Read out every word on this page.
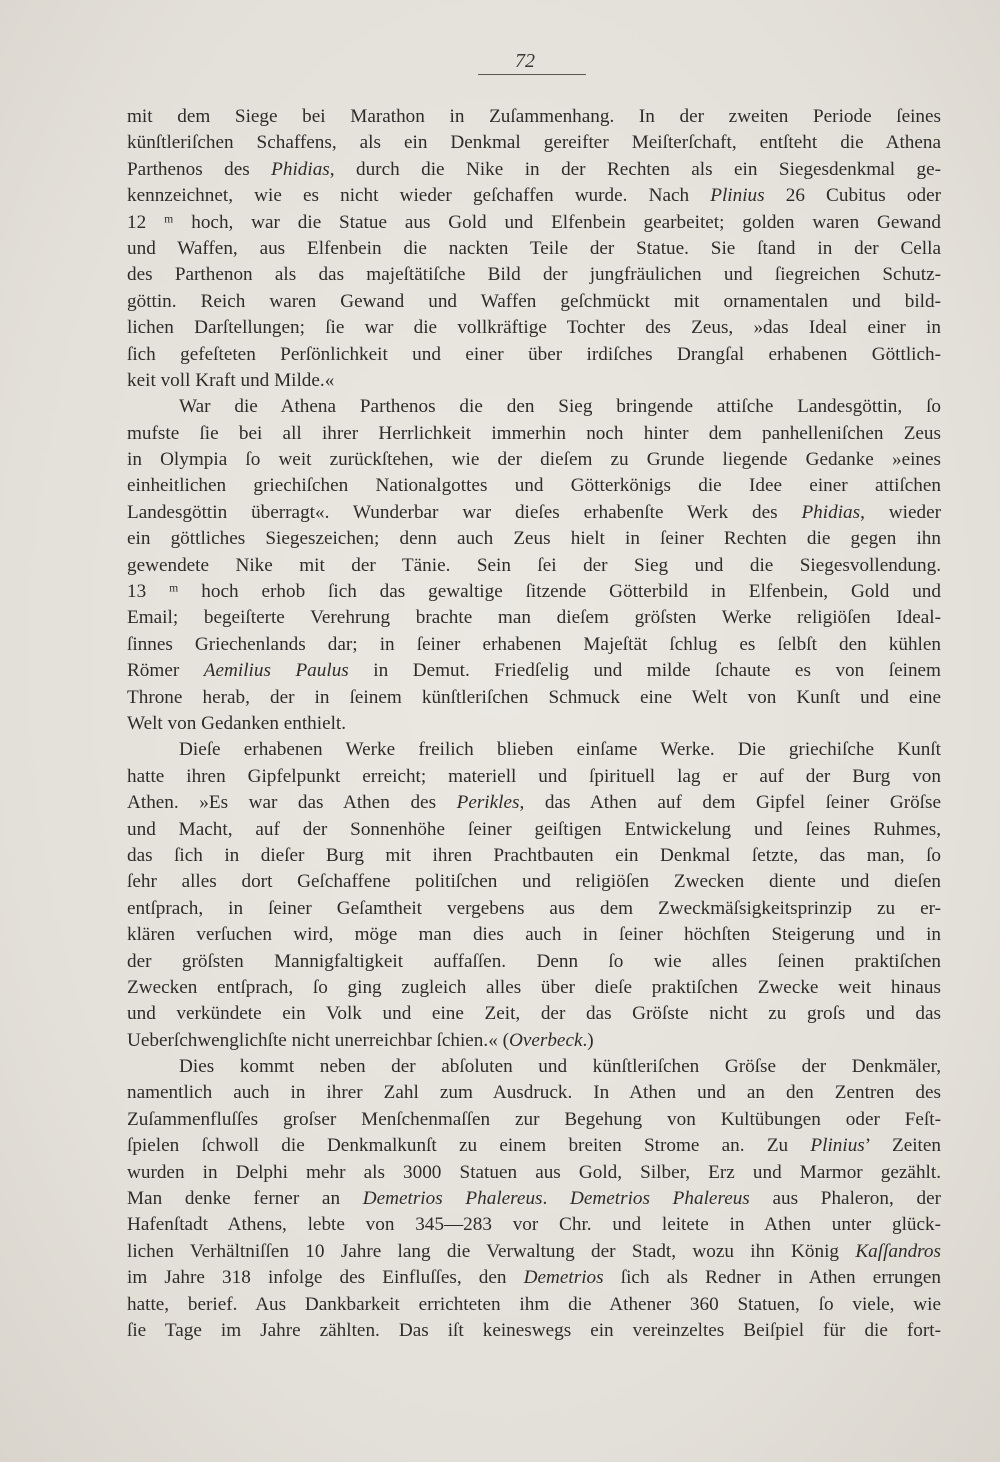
72
mit dem Siege bei Marathon in Zuſammenhang. In der zweiten Periode ſeines
künſtleriſchen Schaffens, als ein Denkmal gereifter Meiſterſchaft, entſteht die Athena
Parthenos des Phidias, durch die Nike in der Rechten als ein Siegesdenkmal ge-
kennzeichnet, wie es nicht wieder geſchaffen wurde. Nach Plinius 26 Cubitus oder
12 ᵐ hoch, war die Statue aus Gold und Elfenbein gearbeitet; golden waren Gewand
und Waffen, aus Elfenbein die nackten Teile der Statue. Sie ſtand in der Cella
des Parthenon als das majeſtätiſche Bild der jungfräulichen und ſiegreichen Schutz-
göttin. Reich waren Gewand und Waffen geſchmückt mit ornamentalen und bild-
lichen Darſtellungen; ſie war die vollkräftige Tochter des Zeus, »das Ideal einer in
ſich gefeſteten Perſönlichkeit und einer über irdiſches Drangſal erhabenen Göttlich-
keit voll Kraft und Milde.«
War die Athena Parthenos die den Sieg bringende attiſche Landesgöttin, ſo
mufste ſie bei all ihrer Herrlichkeit immerhin noch hinter dem panhelleniſchen Zeus
in Olympia ſo weit zurückſtehen, wie der dieſem zu Grunde liegende Gedanke »eines
einheitlichen griechiſchen Nationalgottes und Götterkönigs die Idee einer attiſchen
Landesgöttin überragt«. Wunderbar war dieſes erhabenſte Werk des Phidias, wieder
ein göttliches Siegeszeichen; denn auch Zeus hielt in ſeiner Rechten die gegen ihn
gewendete Nike mit der Tänie. Sein ſei der Sieg und die Siegesvollendung.
13 ᵐ hoch erhob ſich das gewaltige ſitzende Götterbild in Elfenbein, Gold und
Email; begeiſterte Verehrung brachte man dieſem gröſsten Werke religiöſen Ideal-
ſinnes Griechenlands dar; in ſeiner erhabenen Majeſtät ſchlug es ſelbſt den kühlen
Römer Aemilius Paulus in Demut. Friedſelig und milde ſchaute es von ſeinem
Throne herab, der in ſeinem künſtleriſchen Schmuck eine Welt von Kunſt und eine
Welt von Gedanken enthielt.
Dieſe erhabenen Werke freilich blieben einſame Werke. Die griechiſche Kunſt
hatte ihren Gipfelpunkt erreicht; materiell und ſpirituell lag er auf der Burg von
Athen. »Es war das Athen des Perikles, das Athen auf dem Gipfel ſeiner Gröſse
und Macht, auf der Sonnenhöhe ſeiner geiſtigen Entwickelung und ſeines Ruhmes,
das ſich in dieſer Burg mit ihren Prachtbauten ein Denkmal ſetzte, das man, ſo
ſehr alles dort Geſchaffene politiſchen und religiöſen Zwecken diente und dieſen
entſprach, in ſeiner Geſamtheit vergebens aus dem Zweckmäſsigkeitsprinzip zu er-
klären verſuchen wird, möge man dies auch in ſeiner höchſten Steigerung und in
der gröſsten Mannigfaltigkeit auffaſſen. Denn ſo wie alles ſeinen praktiſchen
Zwecken entſprach, ſo ging zugleich alles über dieſe praktiſchen Zwecke weit hinaus
und verkündete ein Volk und eine Zeit, der das Gröſste nicht zu groſs und das
Ueberſchwenglichſte nicht unerreichbar ſchien.« (Overbeck.)
Dies kommt neben der abſoluten und künſtleriſchen Gröſse der Denkmäler,
namentlich auch in ihrer Zahl zum Ausdruck. In Athen und an den Zentren des
Zuſammenfluſſes groſser Menſchenmaſſen zur Begehung von Kultübungen oder Feſt-
ſpielen ſchwoll die Denkmalkunſt zu einem breiten Strome an. Zu Plinius’ Zeiten
wurden in Delphi mehr als 3000 Statuen aus Gold, Silber, Erz und Marmor gezählt.
Man denke ferner an Demetrios Phalereus. Demetrios Phalereus aus Phaleron, der
Hafenſtadt Athens, lebte von 345—283 vor Chr. und leitete in Athen unter glück-
lichen Verhältniſſen 10 Jahre lang die Verwaltung der Stadt, wozu ihn König Kaſſandros
im Jahre 318 infolge des Einfluſſes, den Demetrios ſich als Redner in Athen errungen
hatte, berief. Aus Dankbarkeit errichteten ihm die Athener 360 Statuen, ſo viele, wie
ſie Tage im Jahre zählten. Das iſt keineswegs ein vereinzeltes Beiſpiel für die fort-
